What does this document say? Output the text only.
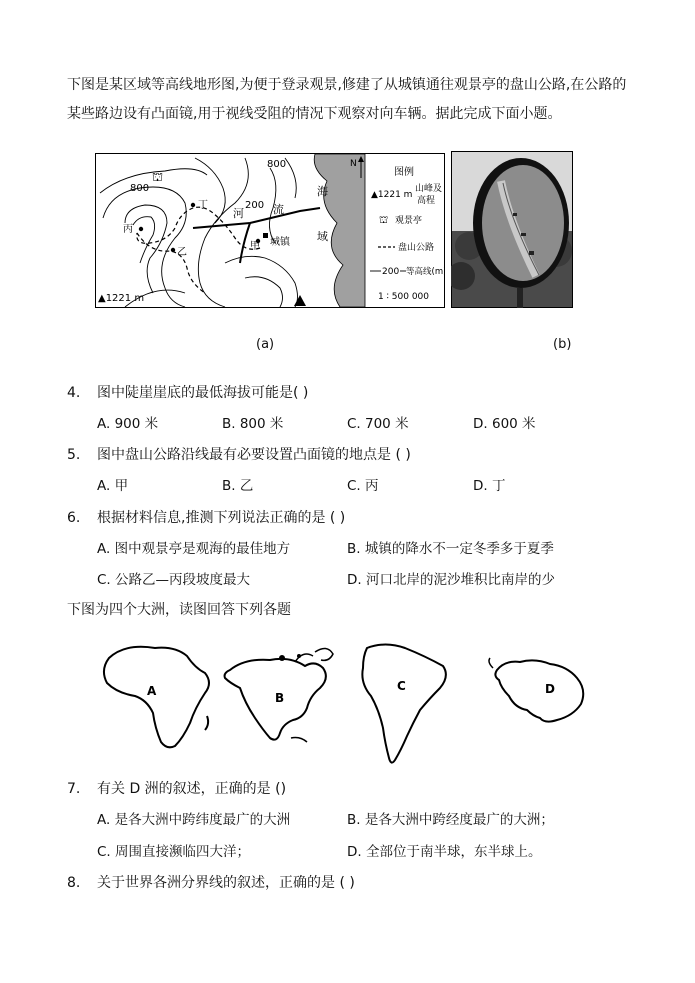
下图是某区域等高线地形图,为便于登录观景,修建了从城镇通往观景亭的盘山公路,在公路的
某些路边设有凸面镜,用于视线受阻的情况下观察对向车辆。据此完成下面小题。
⛫
800
800
200
河	流
丁
丙
乙
甲 城镇
海
域
▲1221 m
N
图例
▲1221 m
山峰及
高程
⛫ 观景亭
盘山公路
200 等高线(m)
1 ∶ 500 000
(a)	(b)
4. 图中陡崖崖底的最低海拔可能是( )
A. 900 米	B. 800 米	C. 700 米	D. 600 米
5. 图中盘山公路沿线最有必要设置凸面镜的地点是 ( )
A. 甲	B. 乙	C. 丙	D. 丁
6. 根据材料信息,推测下列说法正确的是 ( )
A. 图中观景亭是观海的最佳地方	B. 城镇的降水不一定冬季多于夏季
C. 公路乙—丙段坡度最大	D. 河口北岸的泥沙堆积比南岸的少
下图为四个大洲，读图回答下列各题
A	B
C	D
7. 有关 D 洲的叙述，正确的是 ()
A. 是各大洲中跨纬度最广的大洲	B. 是各大洲中跨经度最广的大洲；
C. 周围直接濒临四大洋；	D. 全部位于南半球，东半球上。
8. 关于世界各洲分界线的叙述，正确的是 ( )
